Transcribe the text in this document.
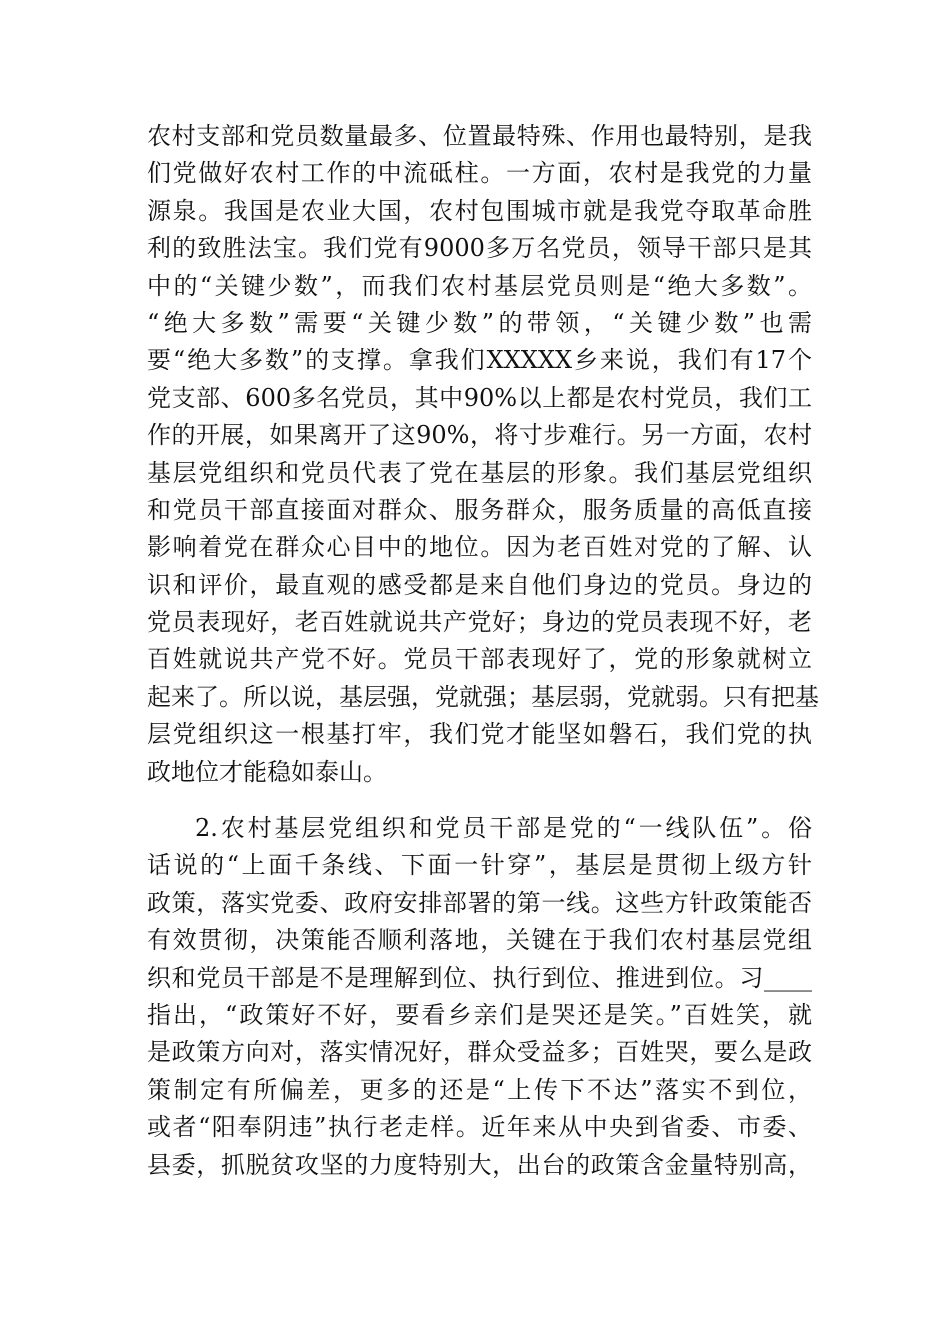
农村支部和党员数量最多、位置最特殊、作用也最特别，是我
们党做好农村工作的中流砥柱。一方面，农村是我党的力量
源泉。我国是农业大国，农村包围城市就是我党夺取革命胜
利的致胜法宝。我们党有9000多万名党员，领导干部只是其
中的“关键少数”，而我们农村基层党员则是“绝大多数”。
“绝大多数”需要“关键少数”的带领，“关键少数”也需
要“绝大多数”的支撑。拿我们XXXXX乡来说，我们有17个
党支部、600多名党员，其中90%以上都是农村党员，我们工
作的开展，如果离开了这90%，将寸步难行。另一方面，农村
基层党组织和党员代表了党在基层的形象。我们基层党组织
和党员干部直接面对群众、服务群众，服务质量的高低直接
影响着党在群众心目中的地位。因为老百姓对党的了解、认
识和评价，最直观的感受都是来自他们身边的党员。身边的
党员表现好，老百姓就说共产党好；身边的党员表现不好，老
百姓就说共产党不好。党员干部表现好了，党的形象就树立
起来了。所以说，基层强，党就强；基层弱，党就弱。只有把基
层党组织这一根基打牢，我们党才能坚如磐石，我们党的执
政地位才能稳如泰山。
2.农村基层党组织和党员干部是党的“一线队伍”。俗
话说的“上面千条线、下面一针穿”，基层是贯彻上级方针
政策，落实党委、政府安排部署的第一线。这些方针政策能否
有效贯彻，决策能否顺利落地，关键在于我们农村基层党组
织和党员干部是不是理解到位、执行到位、推进到位。习____
指出，“政策好不好，要看乡亲们是哭还是笑。”百姓笑，就
是政策方向对，落实情况好，群众受益多；百姓哭，要么是政
策制定有所偏差，更多的还是“上传下不达”落实不到位，
或者“阳奉阴违”执行老走样。近年来从中央到省委、市委、
县委，抓脱贫攻坚的力度特别大，出台的政策含金量特别高，
